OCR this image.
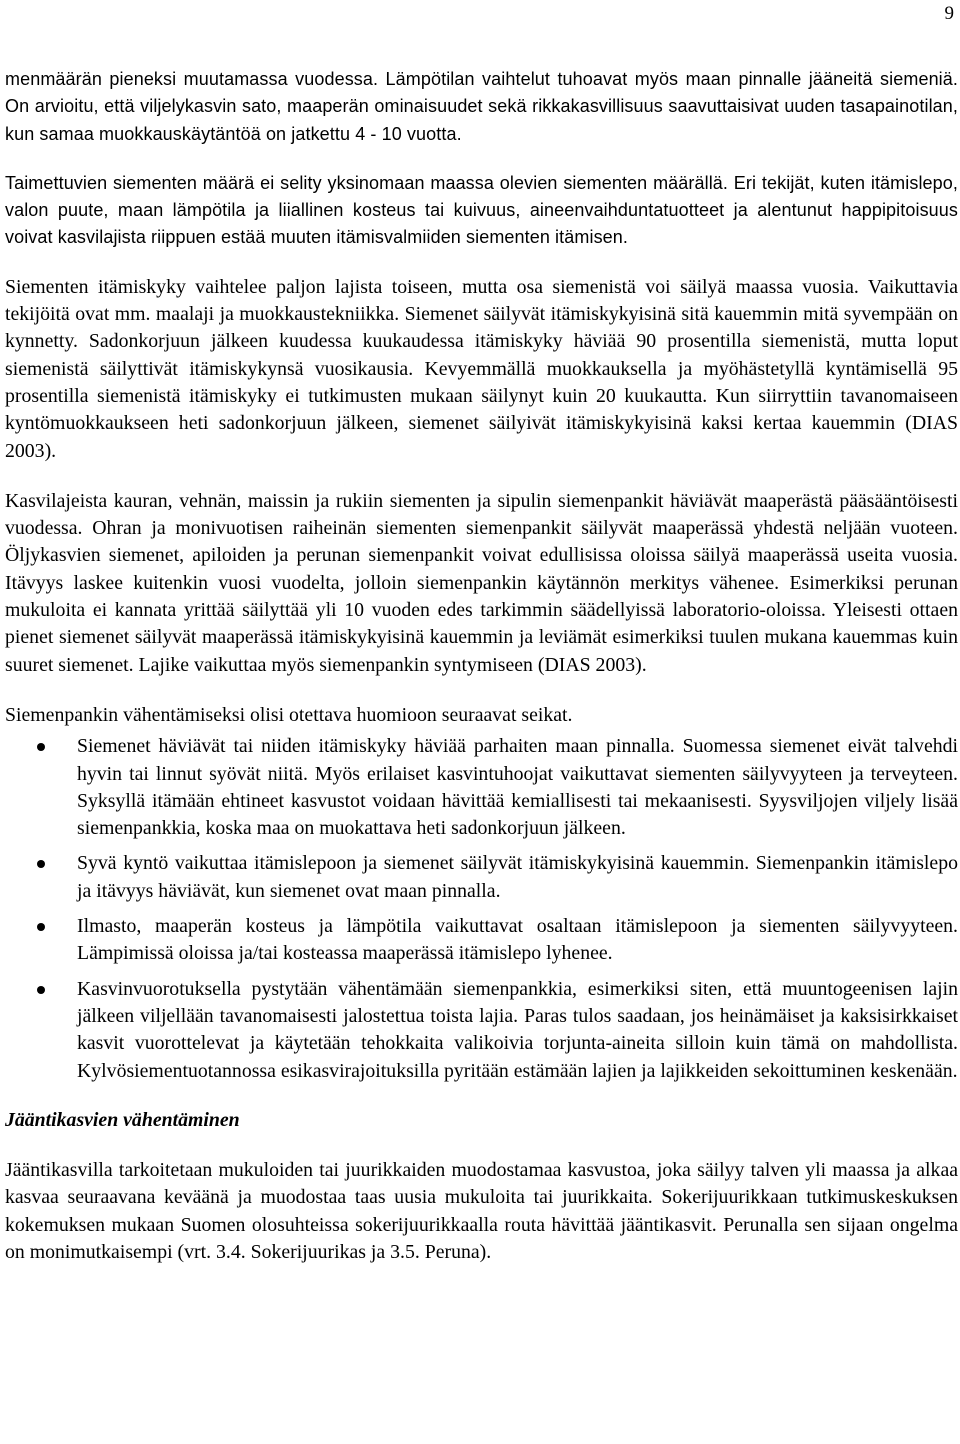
9

menmäärän pieneksi muutamassa vuodessa. Lämpötilan vaihtelut tuhoavat myös maan pinnalle jääneitä siemeniä. On arvioitu, että viljelykasvin sato, maaperän ominaisuudet sekä rikkakasvillisuus saavuttaisivat uuden tasapainotilan, kun samaa muokkauskäytäntöä on jatkettu 4 - 10 vuotta.

Taimettuvien siementen määrä ei selity yksinomaan maassa olevien siementen määrällä. Eri tekijät, kuten itämislepo, valon puute, maan lämpötila ja liiallinen kosteus tai kuivuus, aineenvaihduntatuotteet ja alentunut happipitoisuus voivat kasvilajista riippuen estää muuten itämisvalmiiden siementen itämisen.

Siementen itämiskyky vaihtelee paljon lajista toiseen, mutta osa siemenistä voi säilyä maassa vuosia. Vaikuttavia tekijöitä ovat mm. maalaji ja muokkaustekniikka. Siemenet säilyvät itämiskykyisinä sitä kauemmin mitä syvempään on kynnetty. Sadonkorjuun jälkeen kuudessa kuukaudessa itämiskyky häviää 90 prosentilla siemenistä, mutta loput siemenistä säilyttivät itämiskykynsä vuosikausia. Kevyemmällä muokkauksella ja myöhästetyllä kyntämisellä 95 prosentilla siemenistä itämiskyky ei tutkimusten mukaan säilynyt kuin 20 kuukautta. Kun siirryttiin tavanomaiseen kyntömuokkaukseen heti sadonkorjuun jälkeen, siemenet säilyivät itämiskykyisinä kaksi kertaa kauemmin (DIAS 2003).

Kasvilajeista kauran, vehnän, maissin ja rukiin siementen ja sipulin siemenpankit häviävät maaperästä pääsääntöisesti vuodessa. Ohran ja monivuotisen raiheinän siementen siemenpankit säilyvät maaperässä yhdestä neljään vuoteen. Öljykasvien siemenet, apiloiden ja perunan siemenpankit voivat edullisissa oloissa säilyä maaperässä useita vuosia. Itävyys laskee kuitenkin vuosi vuodelta, jolloin siemenpankin käytännön merkitys vähenee. Esimerkiksi perunan mukuloita ei kannata yrittää säilyttää yli 10 vuoden edes tarkimmin säädellyissä laboratorio-oloissa. Yleisesti ottaen pienet siemenet säilyvät maaperässä itämiskykyisinä kauemmin ja leviämät esimerkiksi tuulen mukana kauemmas kuin suuret siemenet. Lajike vaikuttaa myös siemenpankin syntymiseen (DIAS 2003).

Siemenpankin vähentämiseksi olisi otettava huomioon seuraavat seikat.

Siemenet häviävät tai niiden itämiskyky häviää parhaiten maan pinnalla. Suomessa siemenet eivät talvehdi hyvin tai linnut syövät niitä. Myös erilaiset kasvintuhoojat vaikuttavat siementen säilyvyyteen ja terveyteen. Syksyllä itämään ehtineet kasvustot voidaan hävittää kemiallisesti tai mekaanisesti. Syysviljojen viljely lisää siemenpankkia, koska maa on muokattava heti sadonkorjuun jälkeen.
Syvä kyntö vaikuttaa itämislepoon ja siemenet säilyvät itämiskykyisinä kauemmin. Siemenpankin itämislepo ja itävyys häviävät, kun siemenet ovat maan pinnalla.
Ilmasto, maaperän kosteus ja lämpötila vaikuttavat osaltaan itämislepoon ja siementen säilyvyyteen. Lämpimissä oloissa ja/tai kosteassa maaperässä itämislepo lyhenee.
Kasvinvuorotuksella pystytään vähentämään siemenpankkia, esimerkiksi siten, että muuntogeenisen lajin jälkeen viljellään tavanomaisesti jalostettua toista lajia. Paras tulos saadaan, jos heinämäiset ja kaksisirkkaiset kasvit vuorottelevat ja käytetään tehokkaita valikoivia torjunta-aineita silloin kuin tämä on mahdollista. Kylvösiementuotannossa esikasvirajoituksilla pyritään estämään lajien ja lajikkeiden sekoittuminen keskenään.
Jääntikasvien vähentäminen

Jääntikasvilla tarkoitetaan mukuloiden tai juurikkaiden muodostamaa kasvustoa, joka säilyy talven yli maassa ja alkaa kasvaa seuraavana keväänä ja muodostaa taas uusia mukuloita tai juurikkaita. Sokerijuurikkaan tutkimuskeskuksen kokemuksen mukaan Suomen olosuhteissa sokerijuurikkaalla routa hävittää jääntikasvit. Perunalla sen sijaan ongelma on monimutkaisempi (vrt. 3.4. Sokerijuurikas ja 3.5. Peruna).
